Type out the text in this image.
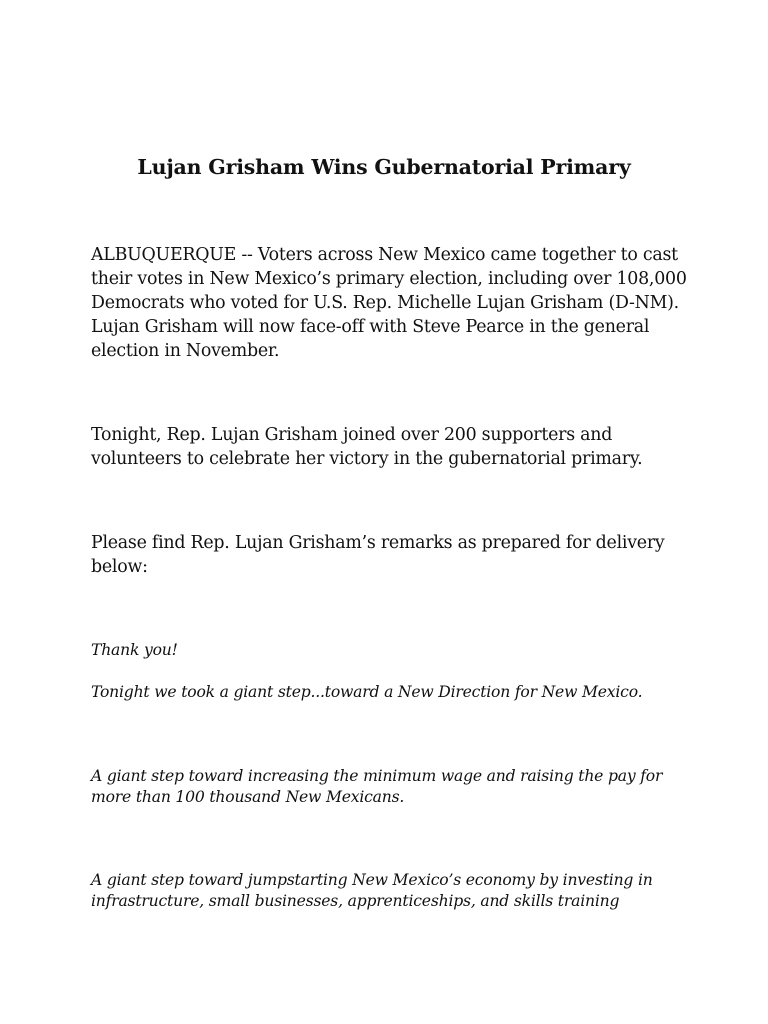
Lujan Grisham Wins Gubernatorial Primary

ALBUQUERQUE -- Voters across New Mexico came together to cast their votes in New Mexico’s primary election, including over 108,000 Democrats who voted for U.S. Rep. Michelle Lujan Grisham (D-NM). Lujan Grisham will now face-off with Steve Pearce in the general election in November.

Tonight, Rep. Lujan Grisham joined over 200 supporters and volunteers to celebrate her victory in the gubernatorial primary.

Please find Rep. Lujan Grisham’s remarks as prepared for delivery below:

Thank you!

Tonight we took a giant step...toward a New Direction for New Mexico.

A giant step toward increasing the minimum wage and raising the pay for more than 100 thousand New Mexicans.

A giant step toward jumpstarting New Mexico’s economy by investing in infrastructure, small businesses, apprenticeships, and skills training
